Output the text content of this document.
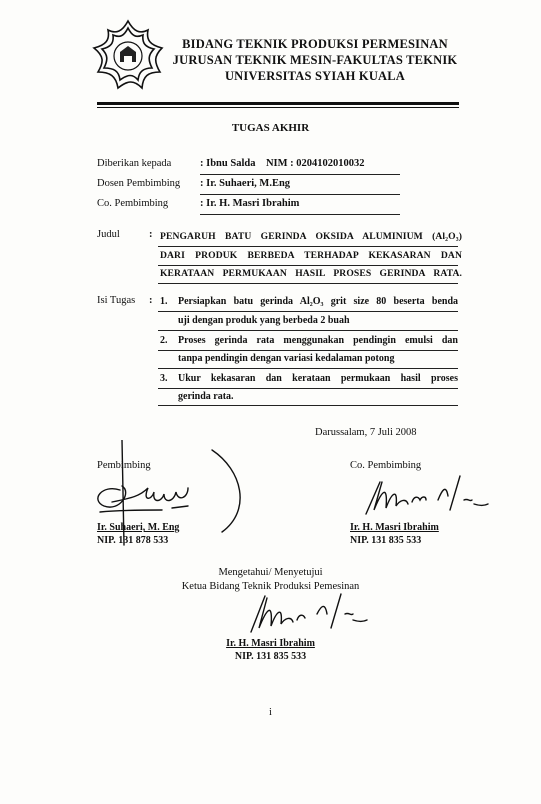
BIDANG TEKNIK PRODUKSI PERMESINAN
JURUSAN TEKNIK MESIN-FAKULTAS TEKNIK
UNIVERSITAS SYIAH KUALA
TUGAS AKHIR
Diberikan kepada	: Ibnu Salda    NIM : 0204102010032
Dosen Pembimbing : Ir. Suhaeri, M.Eng
Co. Pembimbing	: Ir. H. Masri Ibrahim
Judul	: PENGARUH BATU GERINDA OKSIDA ALUMINIUM (Al₂O₃)
DARI PRODUK BERBEDA TERHADAP KEKASARAN DAN
KERATAAN PERMUKAAN HASIL PROSES GERINDA RATA.
Isi Tugas : 1. Persiapkan batu gerinda Al₂O₃ grit size 80 beserta benda
uji dengan produk yang berbeda 2 buah
2. Proses gerinda rata menggunakan pendingin emulsi dan
tanpa pendingin dengan variasi kedalaman potong
3. Ukur kekasaran dan kerataan permukaan hasil proses
gerinda rata.
Darussalam, 7 Juli 2008
Pembimbing
Ir. Suhaeri, M. Eng
NIP. 131 878 533
Co. Pembimbing
Ir. H. Masri Ibrahim
NIP. 131 835 533
Mengetahui/ Menyetujui
Ketua Bidang Teknik Produksi Pemesinan
Ir. H. Masri Ibrahim
NIP. 131 835 533
i
